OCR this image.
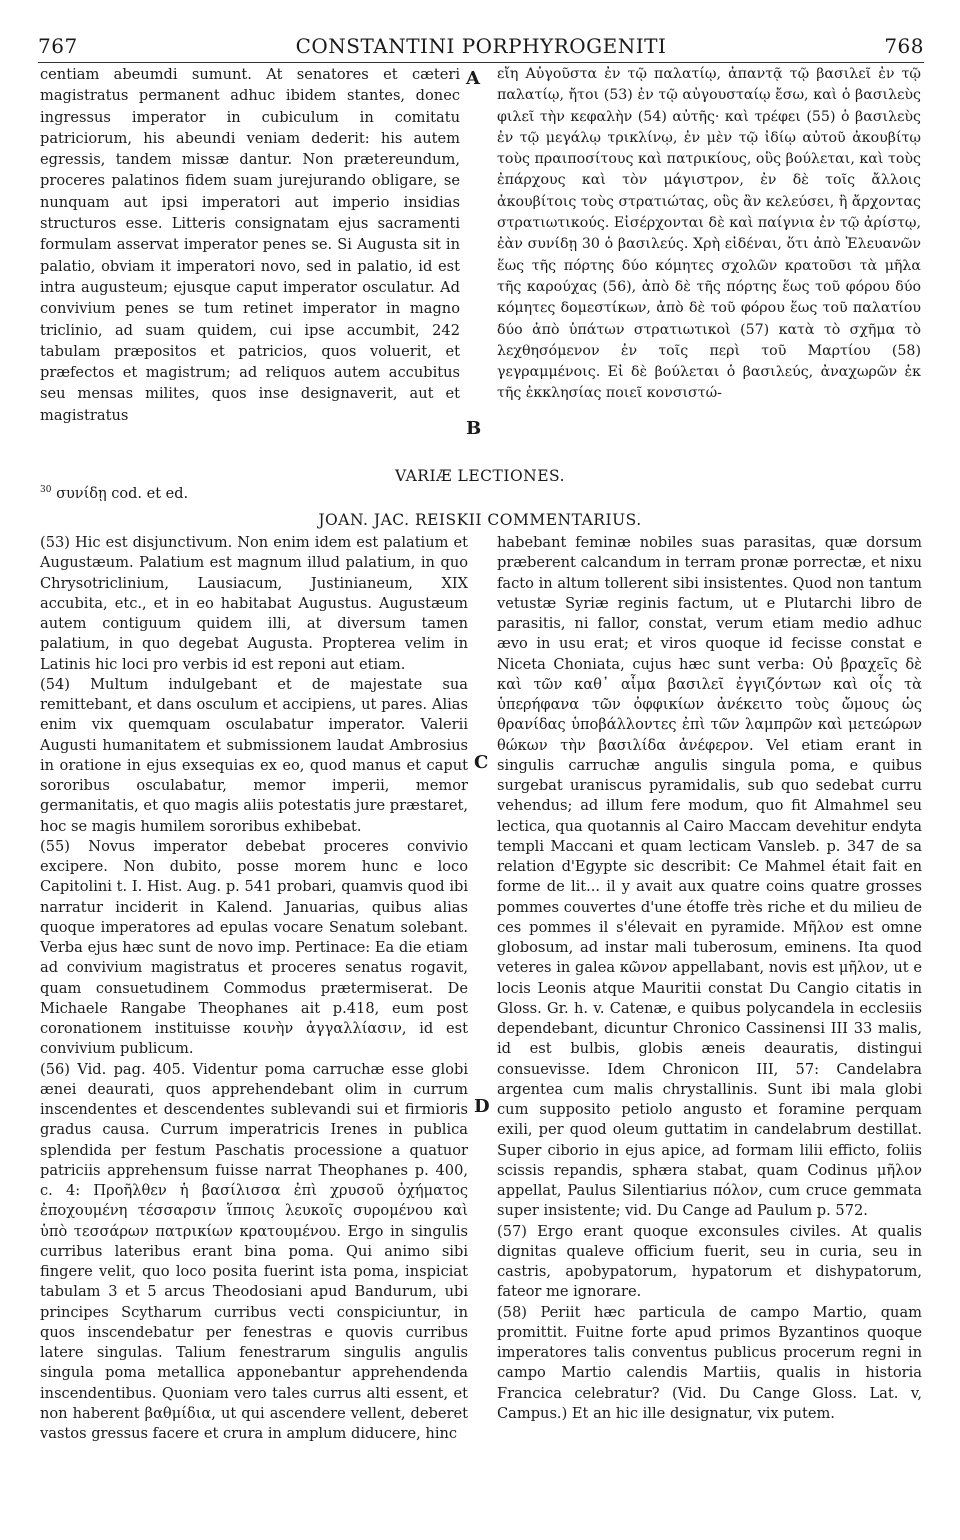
767	CONSTANTINI PORPHYROGENITI	768

centiam abeumdi sumunt. At senatores et cæteri magistratus permanent adhuc ibidem stantes, donec ingressus imperator in cubiculum in comitatu patriciorum, his abeundi veniam dederit: his autem egressis, tandem missæ dantur. Non prætereundum, proceres palatinos fidem suam jurejurando obligare, se nunquam aut ipsi imperatori aut imperio insidias structuros esse. Litteris consignatam ejus sacramenti formulam asservat imperator penes se. Si Augusta sit in palatio, obviam it imperatori novo, sed in palatio, id est intra augusteum; ejusque caput imperator osculatur. Ad convivium penes se tum retinet imperator in magno triclinio, ad suam quidem, cui ipse accumbit, 242 tabulam præpositos et patricios, quos voluerit, et præfectos et magistrum; ad reliquos autem accubitus seu mensas milites, quos inse designaverit, aut et magistratus

A
B

εἴη Αὐγοῦστα ἐν τῷ παλατίῳ, ἀπαντᾷ τῷ βασιλεῖ ἐν τῷ παλατίῳ, ἤτοι (53) ἐν τῷ αὐγουσταίῳ ἔσω, καὶ ὁ βασιλεὺς φιλεῖ τὴν κεφαλὴν (54) αὐτῆς· καὶ τρέφει (55) ὁ βασιλεὺς ἐν τῷ μεγάλῳ τρικλίνῳ, ἐν μὲν τῷ ἰδίῳ αὐτοῦ ἀκουβίτῳ τοὺς πραιποσίτους καὶ πατρικίους, οὓς βούλεται, καὶ τοὺς ἐπάρχους καὶ τὸν μάγιστρον, ἐν δὲ τοῖς ἄλλοις ἀκουβίτοις τοὺς στρατιώτας, οὓς ἂν κελεύσει, ἢ ἄρχοντας στρατιωτικούς. Εἰσέρχονται δὲ καὶ παίγνια ἐν τῷ ἀρίστῳ, ἐὰν συνίδῃ 30 ὁ βασιλεύς. Χρὴ εἰδέναι, ὅτι ἀπὸ Ἐλευανῶν ἕως τῆς πόρτης δύο κόμητες σχολῶν κρατοῦσι τὰ μῆλα τῆς καρούχας (56), ἀπὸ δὲ τῆς πόρτης ἕως τοῦ φόρου δύο κόμητες δομεστίκων, ἀπὸ δὲ τοῦ φόρου ἕως τοῦ παλατίου δύο ἀπὸ ὑπάτων στρατιωτικοὶ (57) κατὰ τὸ σχῆμα τὸ λεχθησόμενον ἐν τοῖς περὶ τοῦ Μαρτίου (58) γεγραμμένοις. Εἰ δὲ βούλεται ὁ βασιλεύς, ἀναχωρῶν ἐκ τῆς ἐκκλησίας ποιεῖ κονσιστώ-

VARIÆ LECTIONES.
$^{30}$ συνίδῃ cod. et ed.
JOAN. JAC. REISKII COMMENTARIUS.

(53) Hic est disjunctivum. Non enim idem est palatium et Augustæum. Palatium est magnum illud palatium, in quo Chrysotriclinium, Lausiacum, Justinianeum, XIX accubita, etc., et in eo habitabat Augustus. Augustæum autem contiguum quidem illi, at diversum tamen palatium, in quo degebat Augusta. Propterea velim in Latinis hic loci pro verbis id est reponi aut etiam.

(54) Multum indulgebant et de majestate sua remittebant, et dans osculum et accipiens, ut pares. Alias enim vix quemquam osculabatur imperator. Valerii Augusti humanitatem et submissionem laudat Ambrosius in oratione in ejus exsequias ex eo, quod manus et caput sororibus osculabatur, memor imperii, memor germanitatis, et quo magis aliis potestatis jure præstaret, hoc se magis humilem sororibus exhibebat.

(55) Novus imperator debebat proceres convivio excipere. Non dubito, posse morem hunc e loco Capitolini t. I. Hist. Aug. p. 541 probari, quamvis quod ibi narratur inciderit in Kalend. Januarias, quibus alias quoque imperatores ad epulas vocare Senatum solebant. Verba ejus hæc sunt de novo imp. Pertinace: Ea die etiam ad convivium magistratus et proceres senatus rogavit, quam consuetudinem Commodus prætermiserat. De Michaele Rangabe Theophanes ait p.418, eum post coronationem instituisse κοινὴν ἀγγαλλίασιν, id est convivium publicum.

(56) Vid. pag. 405. Videntur poma carruchæ esse globi ænei deaurati, quos apprehendebant olim in currum inscendentes et descendentes sublevandi sui et firmioris gradus causa. Currum imperatricis Irenes in publica splendida per festum Paschatis processione a quatuor patriciis apprehensum fuisse narrat Theophanes p. 400, c. 4: Προῆλθεν ἡ βασίλισσα ἐπὶ χρυσοῦ ὀχήματος ἐποχουμένη τέσσαρσιν ἵπποις λευκοῖς συρομένου καὶ ὑπὸ τεσσάρων πατρικίων κρατουμένου. Ergo in singulis curribus lateribus erant bina poma. Qui animo sibi fingere velit, quo loco posita fuerint ista poma, inspiciat tabulam 3 et 5 arcus Theodosiani apud Bandurum, ubi principes Scytharum curribus vecti conspiciuntur, in quos inscendebatur per fenestras e quovis curribus latere singulas. Talium fenestrarum singulis angulis singula poma metallica apponebantur apprehendenda inscendentibus. Quoniam vero tales currus alti essent, et non haberent βαθμίδια, ut qui ascendere vellent, deberet vastos gressus facere et crura in amplum diducere, hinc

C
D

habebant feminæ nobiles suas parasitas, quæ dorsum præberent calcandum in terram pronæ porrectæ, et nixu facto in altum tollerent sibi insistentes. Quod non tantum vetustæ Syriæ reginis factum, ut e Plutarchi libro de parasitis, ni fallor, constat, verum etiam medio adhuc ævo in usu erat; et viros quoque id fecisse constat e Niceta Choniata, cujus hæc sunt verba: Οὐ βραχεῖς δὲ καὶ τῶν καθ᾽ αἷμα βασιλεῖ ἐγγιζόντων καὶ οἷς τὰ ὑπερήφανα τῶν ὀφφικίων ἀνέκειτο τοὺς ὤμους ὡς θρανίδας ὑποβάλλοντες ἐπὶ τῶν λαμπρῶν καὶ μετεώρων θώκων τὴν βασιλίδα ἀνέφερον. Vel etiam erant in singulis carruchæ angulis singula poma, e quibus surgebat uraniscus pyramidalis, sub quo sedebat curru vehendus; ad illum fere modum, quo fit Almahmel seu lectica, qua quotannis al Cairo Maccam devehitur endyta templi Maccani et quam lecticam Vansleb. p. 347 de sa relation d'Egypte sic describit: Ce Mahmel était fait en forme de lit... il y avait aux quatre coins quatre grosses pommes couvertes d'une étoffe très riche et du milieu de ces pommes il s'élevait en pyramide. Μῆλον est omne globosum, ad instar mali tuberosum, eminens. Ita quod veteres in galea κῶνον appellabant, novis est μῆλον, ut e locis Leonis atque Mauritii constat Du Cangio citatis in Gloss. Gr. h. v. Catenæ, e quibus polycandela in ecclesiis dependebant, dicuntur Chronico Cassinensi III 33 malis, id est bulbis, globis æneis deauratis, distingui consuevisse. Idem Chronicon III, 57: Candelabra argentea cum malis chrystallinis. Sunt ibi mala globi cum supposito petiolo angusto et foramine perquam exili, per quod oleum guttatim in candelabrum destillat. Super ciborio in ejus apice, ad formam lilii efficto, foliis scissis repandis, sphæra stabat, quam Codinus μῆλον appellat, Paulus Silentiarius πόλον, cum cruce gemmata super insistente; vid. Du Cange ad Paulum p. 572.

(57) Ergo erant quoque exconsules civiles. At qualis dignitas qualeve officium fuerit, seu in curia, seu in castris, apobypatorum, hypatorum et dishypatorum, fateor me ignorare.

(58) Periit hæc particula de campo Martio, quam promittit. Fuitne forte apud primos Byzantinos quoque imperatores talis conventus publicus procerum regni in campo Martio calendis Martiis, qualis in historia Francica celebratur? (Vid. Du Cange Gloss. Lat. v, Campus.) Et an hic ille designatur, vix putem.
